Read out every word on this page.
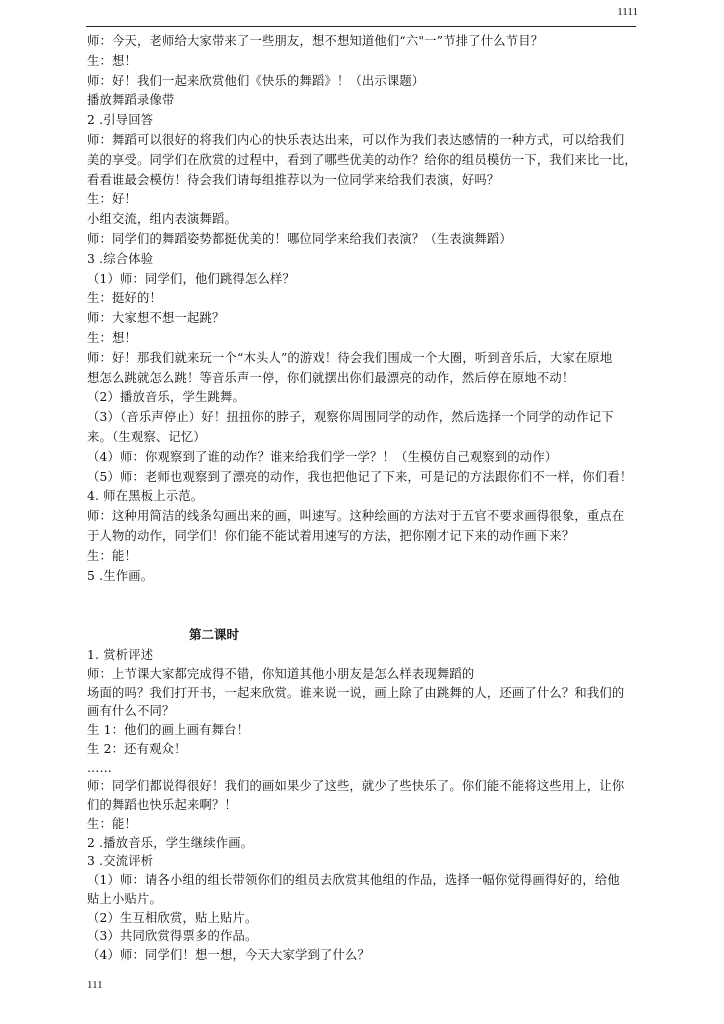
1111
师：今天，老师给大家带来了一些朋友，想不想知道他们“六"一”节排了什么节目？
生：想！
师：好！我们一起来欣赏他们《快乐的舞蹈》！（出示课题）
播放舞蹈录像带
2 .引导回答
师：舞蹈可以很好的将我们内心的快乐表达出来，可以作为我们表达感情的一种方式，可以给我们
美的享受。同学们在欣赏的过程中，看到了哪些优美的动作？给你的组员模仿一下，我们来比一比，
看看谁最会模仿！待会我们请每组推荐以为一位同学来给我们表演，好吗？
生：好！
小组交流，组内表演舞蹈。
师：同学们的舞蹈姿势都挺优美的！哪位同学来给我们表演？（生表演舞蹈）
3 .综合体验
（1）师：同学们，他们跳得怎么样？
生：挺好的！
师：大家想不想一起跳？
生：想！
师：好！那我们就来玩一个“木头人”的游戏！待会我们围成一个大圈，听到音乐后，大家在原地
想怎么跳就怎么跳！等音乐声一停，你们就摆出你们最漂亮的动作，然后停在原地不动！
（2）播放音乐，学生跳舞。
（3）（音乐声停止）好！扭扭你的脖子，观察你周围同学的动作，然后选择一个同学的动作记下
来。（生观察、记忆）
（4）师：你观察到了谁的动作？谁来给我们学一学？！（生模仿自己观察到的动作）
（5）师：老师也观察到了漂亮的动作，我也把他记了下来，可是记的方法跟你们不一样，你们看！
4. 师在黑板上示范。
师：这种用简洁的线条勾画出来的画，叫速写。这种绘画的方法对于五官不要求画得很象，重点在
于人物的动作，同学们！你们能不能试着用速写的方法，把你刚才记下来的动作画下来？
生：能！
5 .生作画。
第二课时
1. 赏析评述
师：上节课大家都完成得不错，你知道其他小朋友是怎么样表现舞蹈的
场面的吗？我们打开书，一起来欣赏。谁来说一说，画上除了由跳舞的人，还画了什么？和我们的
画有什么不同？
生 1：他们的画上画有舞台！
生 2：还有观众！
……
师：同学们都说得很好！我们的画如果少了这些，就少了些快乐了。你们能不能将这些用上，让你
们的舞蹈也快乐起来啊？！
生：能！
2 .播放音乐，学生继续作画。
3 .交流评析
（1）师：请各小组的组长带领你们的组员去欣赏其他组的作品，选择一幅你觉得画得好的，给他
贴上小贴片。
（2）生互相欣赏，贴上贴片。
（3）共同欣赏得票多的作品。
（4）师：同学们！想一想，今天大家学到了什么？
111
